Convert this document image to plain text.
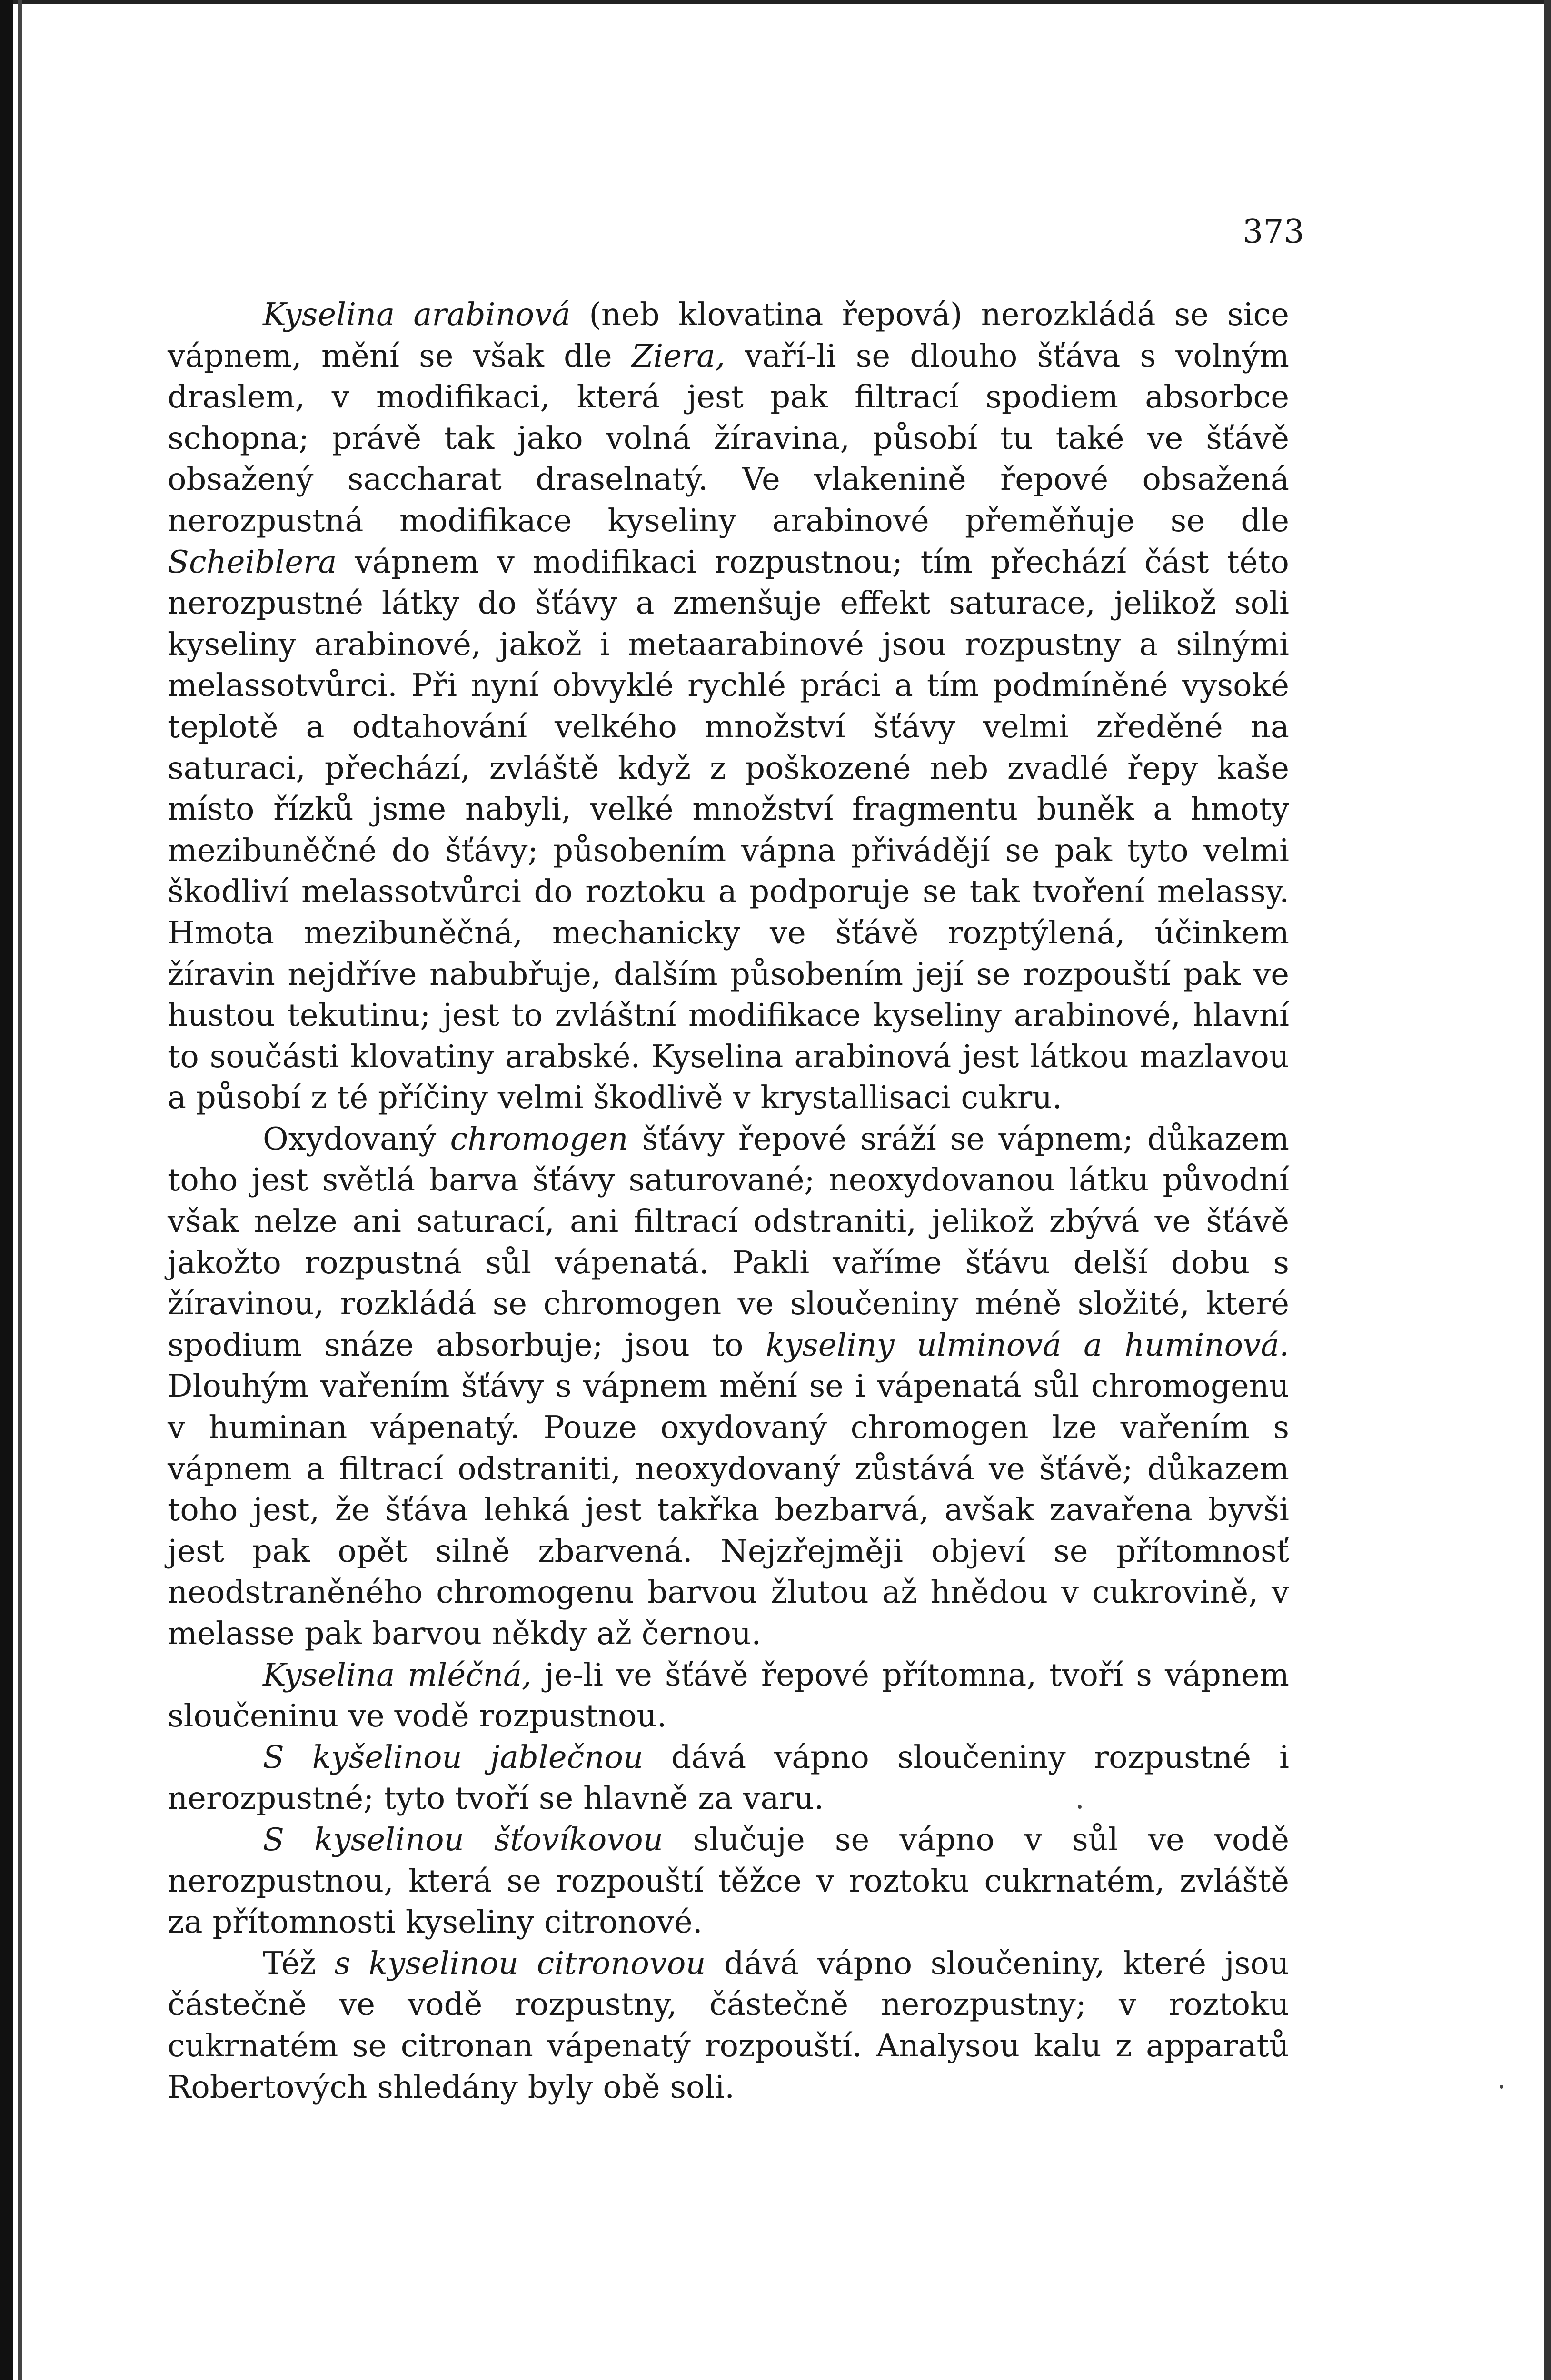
373

Kyselina arabinová (neb klovatina řepová) nerozkládá se sice vápnem, mění se však dle Ziera, vaří-li se dlouho šťáva s volným draslem, v modifikaci, která jest pak filtrací spodiem absorbce schopna; právě tak jako volná žíravina, působí tu také ve šťávě obsažený saccharat draselnatý. Ve vlakenině řepové obsažená nerozpustná modifikace kyseliny arabinové přeměňuje se dle Scheiblera vápnem v modifikaci rozpustnou; tím přechází část této nerozpustné látky do šťávy a zmenšuje effekt saturace, jelikož soli kyseliny arabinové, jakož i metaarabinové jsou rozpustny a silnými melassotvůrci. Při nyní obvyklé rychlé práci a tím podmíněné vysoké teplotě a odtahování velkého množství šťávy velmi zředěné na saturaci, přechází, zvláště když z poškozené neb zvadlé řepy kaše místo řízků jsme nabyli, velké množství fragmentu buněk a hmoty mezibuněčné do šťávy; působením vápna přivádějí se pak tyto velmi škodliví melassotvůrci do roztoku a podporuje se tak tvoření melassy. Hmota mezibuněčná, mechanicky ve šťávě rozptýlená, účinkem žíravin nejdříve nabubřuje, dalším působením její se rozpouští pak ve hustou tekutinu; jest to zvláštní modifikace kyseliny arabinové, hlavní to součásti klovatiny arabské. Kyselina arabinová jest látkou mazlavou a působí z té příčiny velmi škodlivě v krystallisaci cukru.

Oxydovaný chromogen šťávy řepové sráží se vápnem; důkazem toho jest světlá barva šťávy saturované; neoxydovanou látku původní však nelze ani saturací, ani filtrací odstraniti, jelikož zbývá ve šťávě jakožto rozpustná sůl vápenatá. Pakli vaříme šťávu delší dobu s žíravinou, rozkládá se chromogen ve sloučeniny méně složité, které spodium snáze absorbuje; jsou to kyseliny ulminová a huminová. Dlouhým vařením šťávy s vápnem mění se i vápenatá sůl chromogenu v huminan vápenatý. Pouze oxydovaný chromogen lze vařením s vápnem a filtrací odstraniti, neoxydovaný zůstává ve šťávě; důkazem toho jest, že šťáva lehká jest takřka bezbarvá, avšak zavařena byvši jest pak opět silně zbarvená. Nejzřejměji objeví se přítomnosť neodstraněného chromogenu barvou žlutou až hnědou v cukrovině, v melasse pak barvou někdy až černou.

Kyselina mléčná, je-li ve šťávě řepové přítomna, tvoří s vápnem sloučeninu ve vodě rozpustnou.

S kyšelinou jablečnou dává vápno sloučeniny rozpustné i nerozpustné; tyto tvoří se hlavně za varu.

S kyselinou šťovíkovou slučuje se vápno v sůl ve vodě nerozpustnou, která se rozpouští těžce v roztoku cukrnatém, zvláště za přítomnosti kyseliny citronové.

Též s kyselinou citronovou dává vápno sloučeniny, které jsou částečně ve vodě rozpustny, částečně nerozpustny; v roztoku cukrnatém se citronan vápenatý rozpouští. Analysou kalu z apparatů Robertových shledány byly obě soli.
